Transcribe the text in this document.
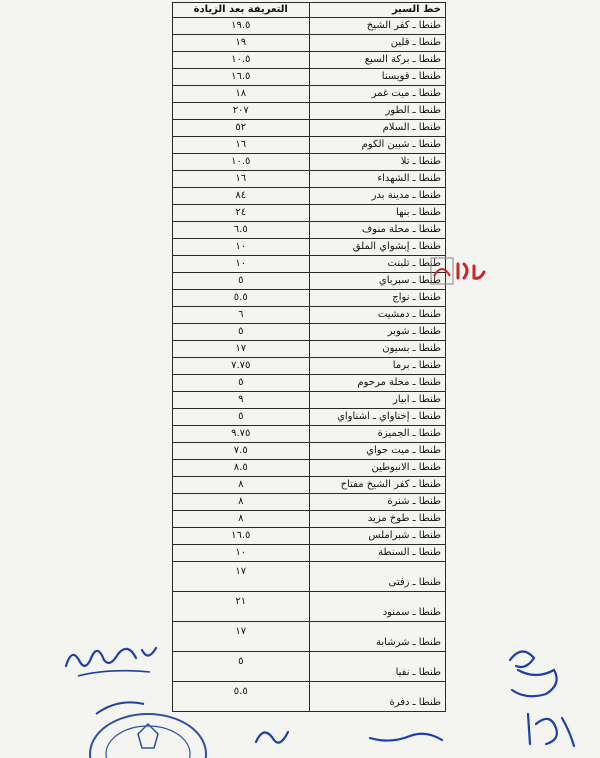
خط السير	التعريفة بعد الزيادة
طنطا ـ كفر الشيخ	١٩.٥
طنطا ـ قلين	١٩
طنطا ـ بركة السبع	١٠.٥
طنطا ـ قويسنا	١٦.٥
طنطا ـ ميت غمر	١٨
طنطا ـ الطور	٢٠٧
طنطا ـ السلام	٥٢
طنطا ـ شبين الكوم	١٦
طنطا ـ تلا	١٠.٥
طنطا ـ الشهداء	١٦
طنطا ـ مدينة بدر	٨٤
طنطا ـ بنها	٢٤
طنطا ـ محلة منوف	٦.٥
طنطا ـ إبشواي الملق	١٠
طنطا ـ تلبنت	١٠
طنطا ـ سبرباي	٥
طنطا ـ نواج	٥.٥
طنطا ـ دمشيت	٦
طنطا ـ شوبر	٥
طنطا ـ بسيون	١٧
طنطا ـ برما	٧.٧٥
طنطا ـ محلة مرحوم	٥
طنطا ـ ابيار	٩
طنطا ـ إخناواي ـ اشناواي	٥
طنطا ـ الجميزة	٩.٧٥
طنطا ـ ميت حواي	٧.٥
طنطا ـ الانبوطين	٨.٥
طنطا ـ كفر الشيخ مفتاح	٨
طنطا ـ شنرة	٨
طنطا ـ طوخ مزيد	٨
طنطا ـ شبراملس	١٦.٥
طنطا ـ السنطة	١٠
طنطا ـ زفتى	١٧
طنطا ـ سمنود	٢١
طنطا ـ شرشابة	١٧
طنطا ـ نفيا	٥
طنطا ـ دفرة	٥.٥
